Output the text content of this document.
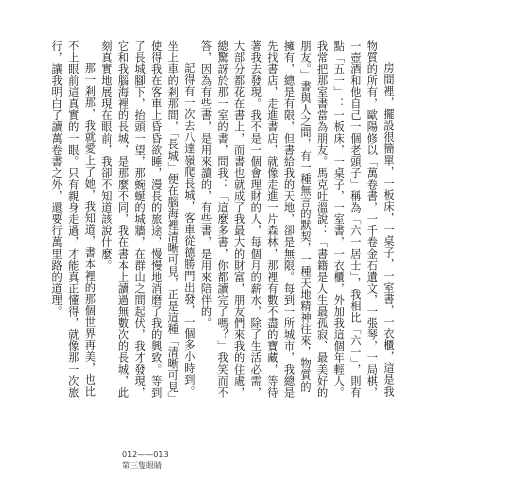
房間裡，擺設很簡單，一板床，一桌子，一室書，一衣櫃，這是我物質的所有，歐陽修以「萬卷書，一千卷金石遺文，一張琴，一局棋，一壺酒和他自己一個老頭子」稱為「六一居士」，我相比「六一」，則有點「五一」：一板床，一桌子，一室書，一衣櫃，外加我這個年輕人。我常把那室書當為朋友。馬克吐溫說：「書籍是人生最孤寂、最美好的朋友。」書與人之間，有一種無言的默契，一種天地精神往來，物質的擁有，總是有限，但書給我的天地，卻是無限。每到一所城市，我總是先找書店，走進書店，就像走進一片森林，那裡有數不盡的寶藏，等待著我去發現。我不是一個會理財的人，每個月的薪水，除了生活必需，大部分都花在書上，而書也就成了我最大的財富，朋友們來我的住處，總驚訝於那一室的書，問我：「這麼多書，你都讀完了嗎？」我笑而不答，因為有些書，是用來讀的，有些書，是用來陪伴的。

記得有一次去八達嶺爬長城，客車從德勝門出發，一個多小時到。坐上車的剎那間，「長城」便在腦海裡清晰可見，正是這種「清晰可見」使得我在客車上昏昏欲睡，漫長的旅途，慢慢地消磨了我的興致。等到了長城腳下，抬頭一望，那蜿蜒的城牆，在群山之間起伏，我才發現，它和我腦海裡的長城，是那麼不同，我在書本上讀過無數次的長城，此刻真實地展現在眼前，我卻不知道該說什麼。

那一剎那，我就愛上了她，我知道，書本裡的那個世界再美，也比不上眼前這真實的一眼。只有親身走過，才能真正懂得，就像那一次旅行，讓我明白了讀萬卷書之外，還要行萬里路的道理。

012——013
第三隻眼睛
